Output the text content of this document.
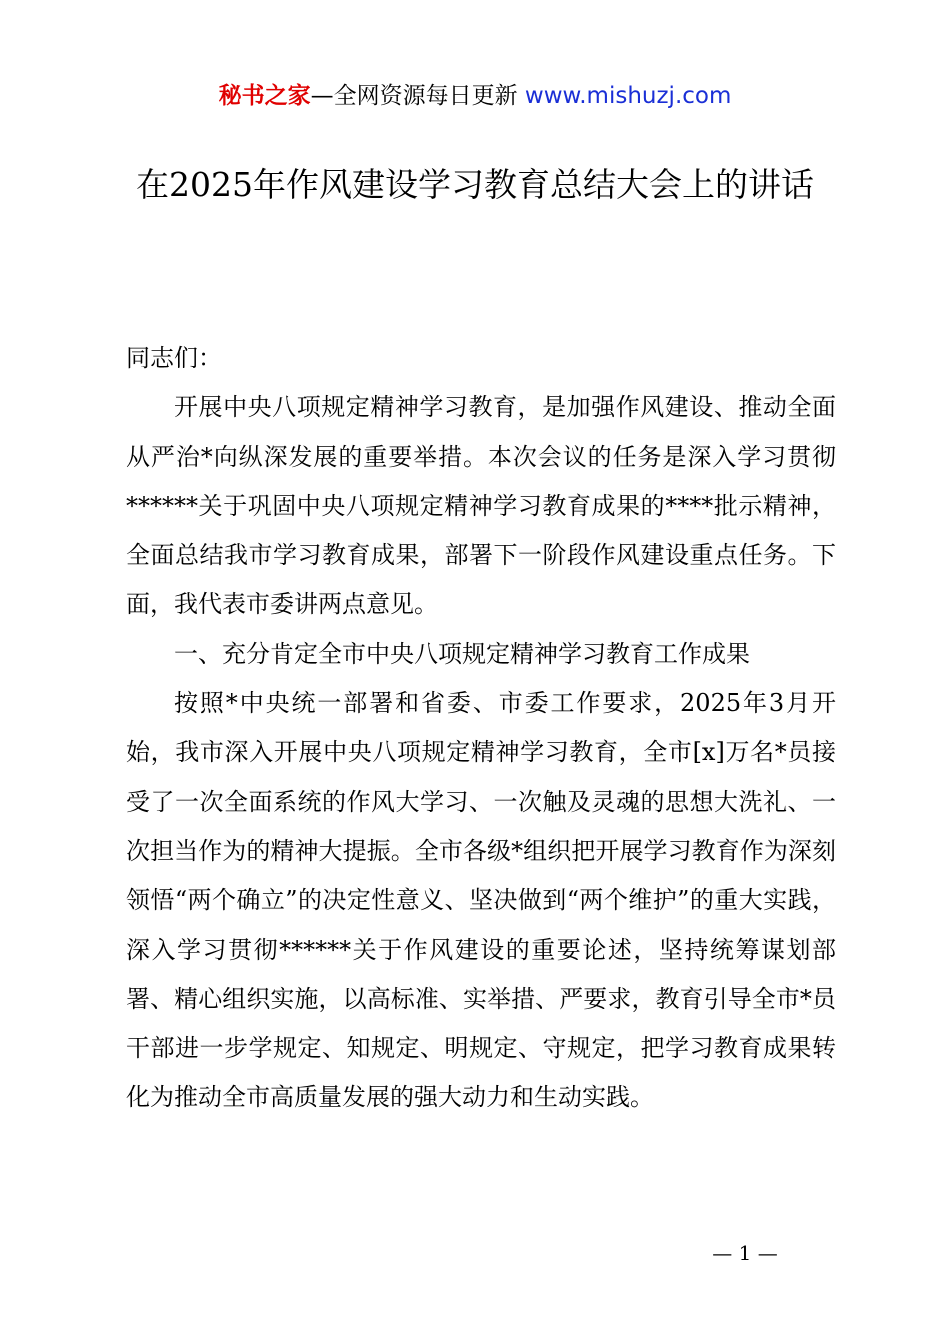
秘书之家—全网资源每日更新 www.mishuzj.com
在2025年作风建设学习教育总结大会上的讲话

同志们：

开展中央八项规定精神学习教育，是加强作风建设、推动全面从严治*向纵深发展的重要举措。本次会议的任务是深入学习贯彻******关于巩固中央八项规定精神学习教育成果的****批示精神，全面总结我市学习教育成果，部署下一阶段作风建设重点任务。下面，我代表市委讲两点意见。

一、充分肯定全市中央八项规定精神学习教育工作成果

按照*中央统一部署和省委、市委工作要求，2025年3月开始，我市深入开展中央八项规定精神学习教育，全市[x]万名*员接受了一次全面系统的作风大学习、一次触及灵魂的思想大洗礼、一次担当作为的精神大提振。全市各级*组织把开展学习教育作为深刻领悟“两个确立”的决定性意义、坚决做到“两个维护”的重大实践，深入学习贯彻******关于作风建设的重要论述，坚持统筹谋划部署、精心组织实施，以高标准、实举措、严要求，教育引导全市*员干部进一步学规定、知规定、明规定、守规定，把学习教育成果转化为推动全市高质量发展的强大动力和生动实践。

— 1 —
